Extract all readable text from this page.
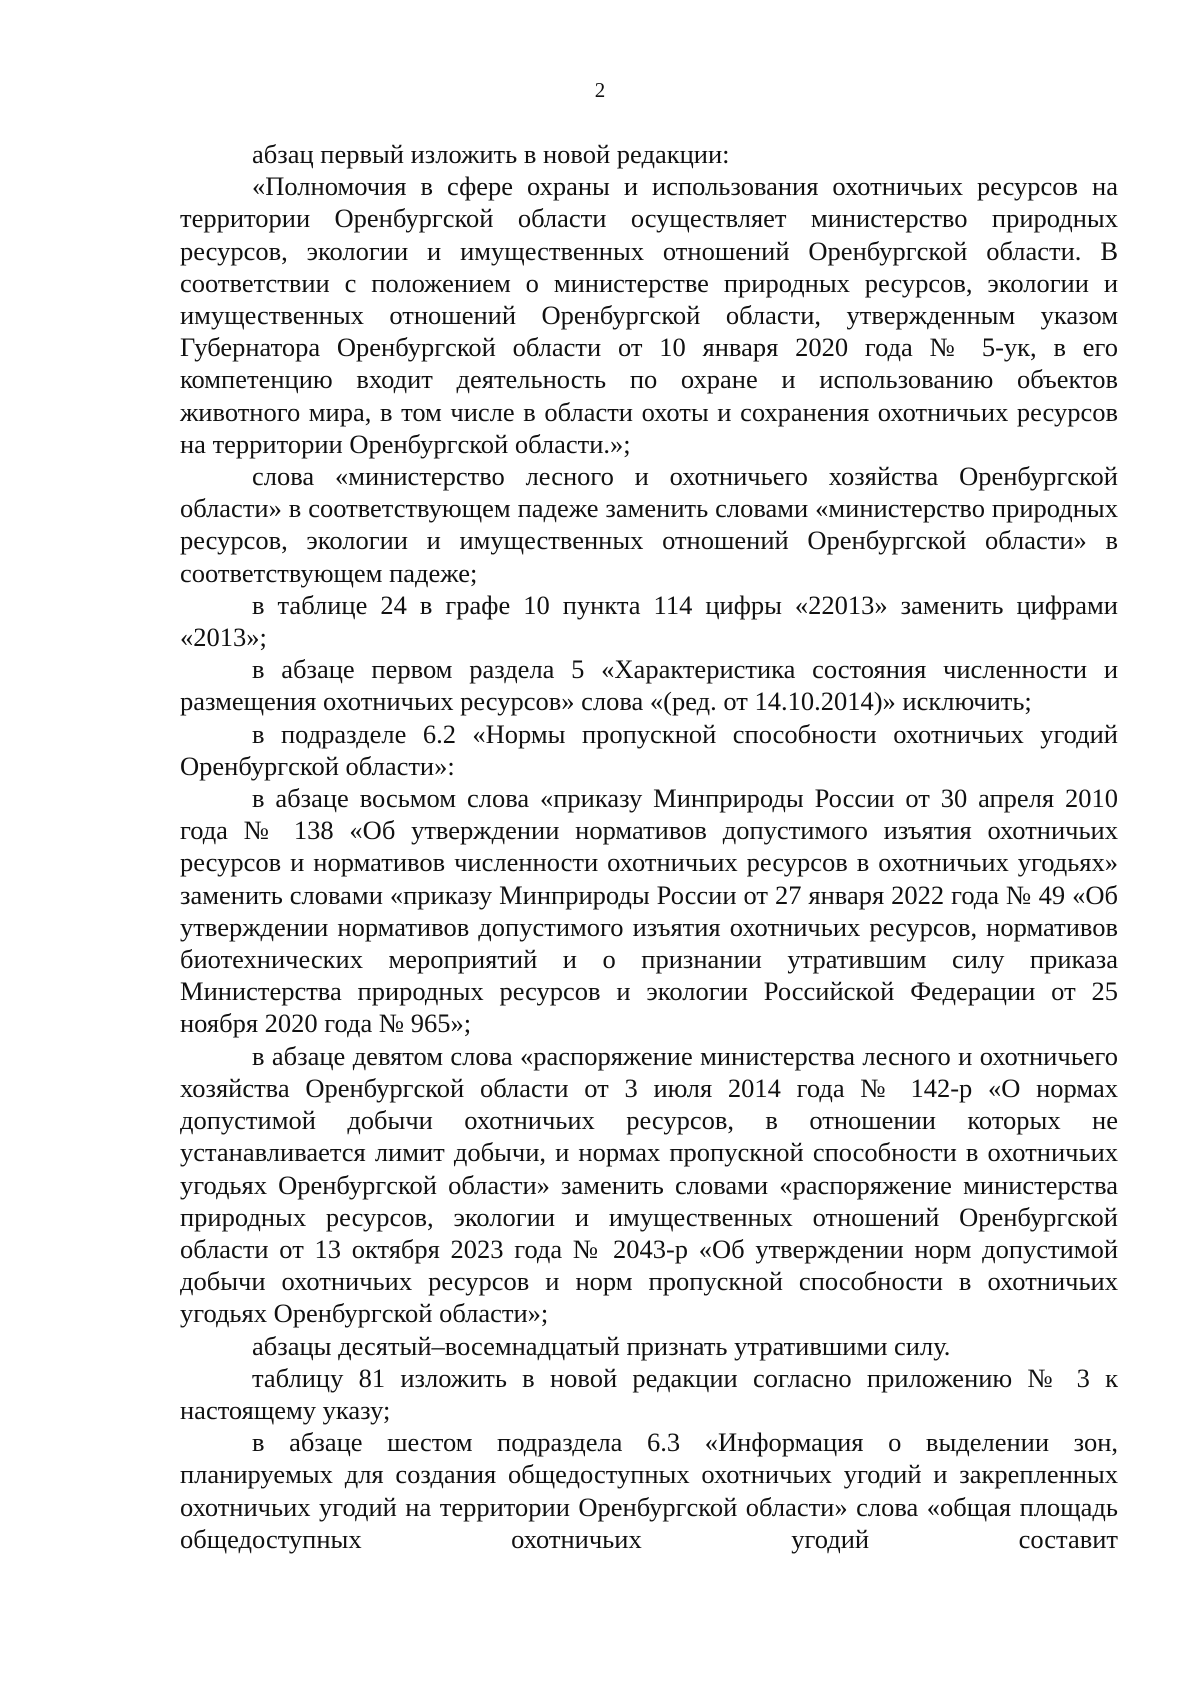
2

абзац первый изложить в новой редакции:

«Полномочия в сфере охраны и использования охотничьих ресурсов на территории Оренбургской области осуществляет министерство природных ресурсов, экологии и имущественных отношений Оренбургской области. В соответствии с положением о министерстве природных ресурсов, экологии и имущественных отношений Оренбургской области, утвержденным указом Губернатора Оренбургской области от 10 января 2020 года № 5-ук, в его компетенцию входит деятельность по охране и использованию объектов животного мира, в том числе в области охоты и сохранения охотничьих ресурсов на территории Оренбургской области.»;

слова «министерство лесного и охотничьего хозяйства Оренбургской области» в соответствующем падеже заменить словами «министерство природных ресурсов, экологии и имущественных отношений Оренбургской области» в соответствующем падеже;

в таблице 24 в графе 10 пункта 114 цифры «22013» заменить цифрами «2013»;

в абзаце первом раздела 5 «Характеристика состояния численности и размещения охотничьих ресурсов» слова «(ред. от 14.10.2014)» исключить;

в подразделе 6.2 «Нормы пропускной способности охотничьих угодий Оренбургской области»:

в абзаце восьмом слова «приказу Минприроды России от 30 апреля 2010 года № 138 «Об утверждении нормативов допустимого изъятия охотничьих ресурсов и нормативов численности охотничьих ресурсов в охотничьих угодьях» заменить словами «приказу Минприроды России от 27 января 2022 года № 49 «Об утверждении нормативов допустимого изъятия охотничьих ресурсов, нормативов биотехнических мероприятий и о признании утратившим силу приказа Министерства природных ресурсов и экологии Российской Федерации от 25 ноября 2020 года № 965»;

в абзаце девятом слова «распоряжение министерства лесного и охотничьего хозяйства Оренбургской области от 3 июля 2014 года № 142-р «О нормах допустимой добычи охотничьих ресурсов, в отношении которых не устанавливается лимит добычи, и нормах пропускной способности в охотничьих угодьях Оренбургской области» заменить словами «распоряжение министерства природных ресурсов, экологии и имущественных отношений Оренбургской области от 13 октября 2023 года № 2043-р «Об утверждении норм допустимой добычи охотничьих ресурсов и норм пропускной способности в охотничьих угодьях Оренбургской области»;

абзацы десятый–восемнадцатый признать утратившими силу.

таблицу 81 изложить в новой редакции согласно приложению № 3 к настоящему указу;

в абзаце шестом подраздела 6.3 «Информация о выделении зон, планируемых для создания общедоступных охотничьих угодий и закрепленных охотничьих угодий на территории Оренбургской области» слова «общая площадь общедоступных охотничьих угодий составит
